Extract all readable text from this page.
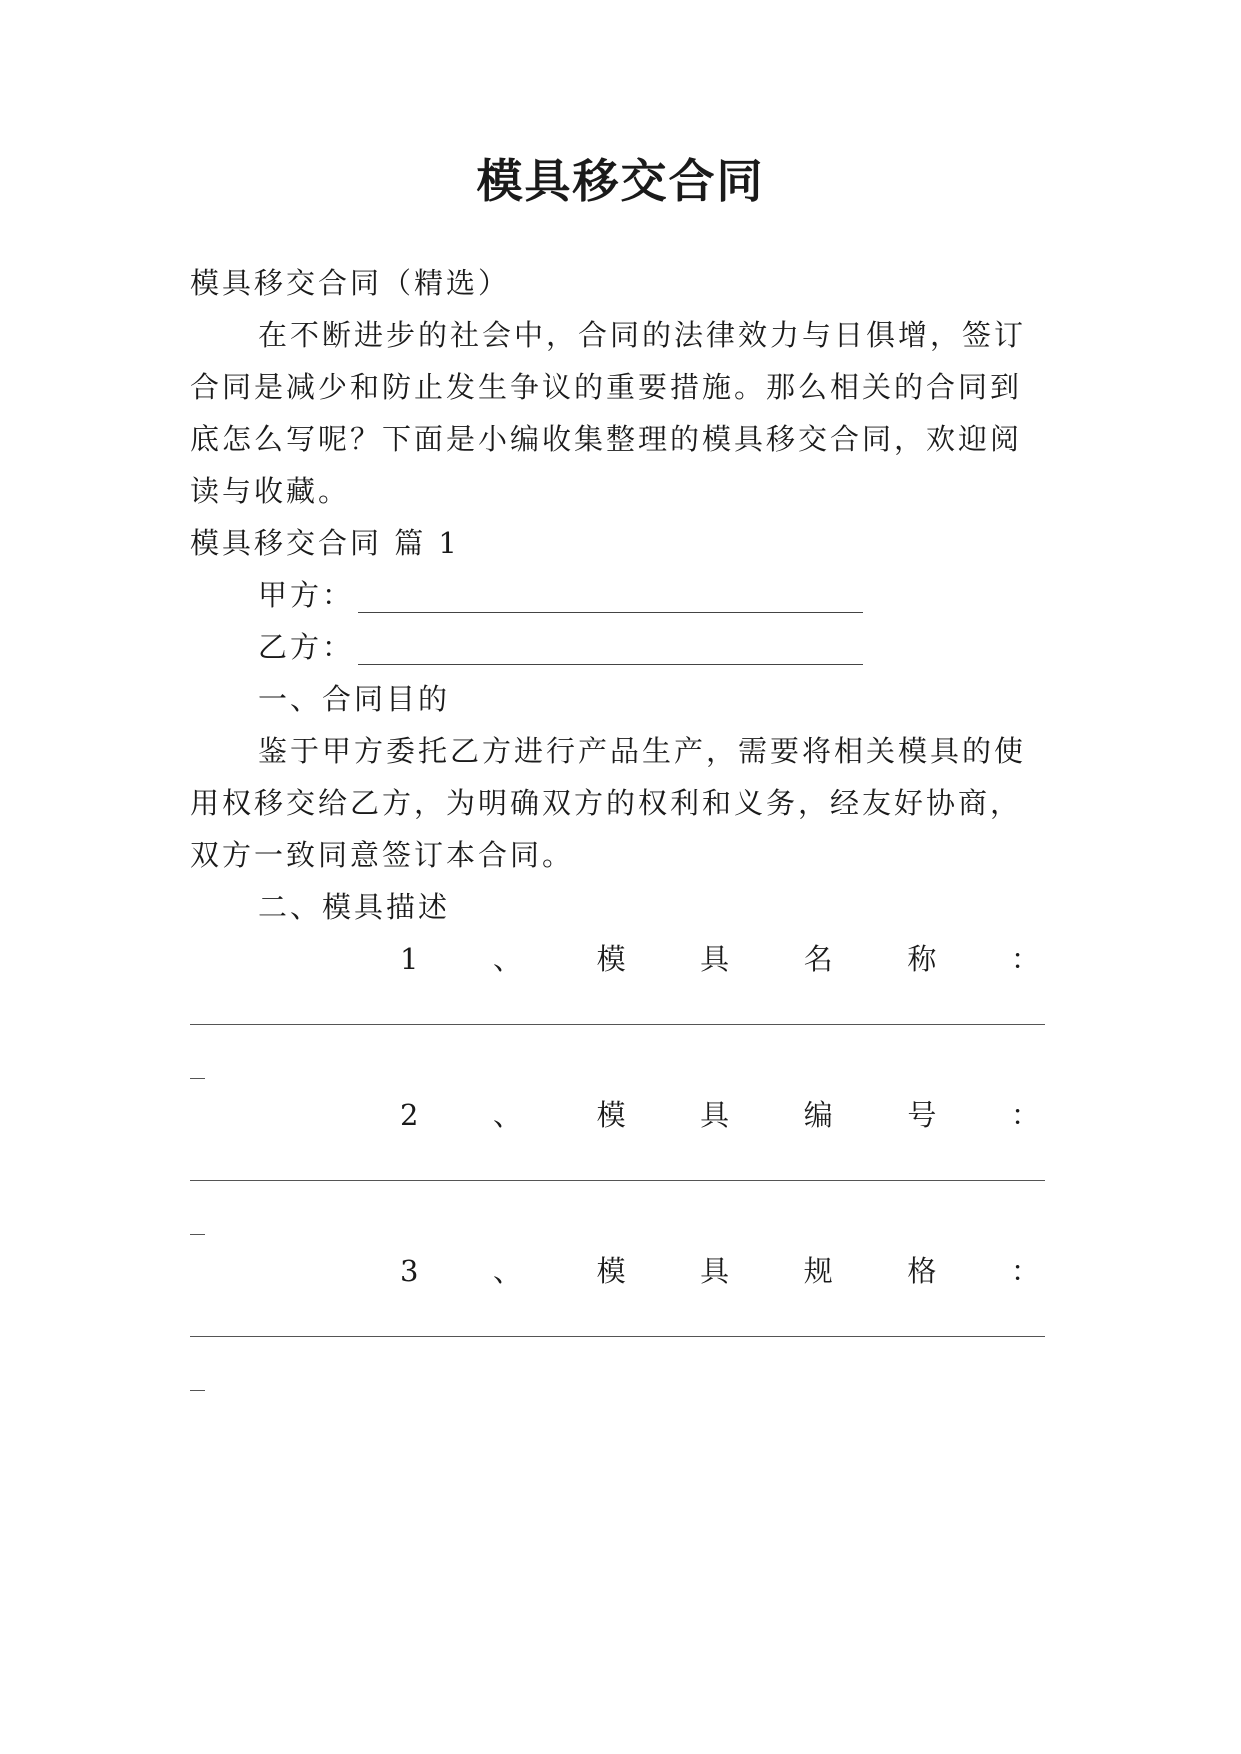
模具移交合同
模具移交合同（精选）
在不断进步的社会中，合同的法律效力与日俱增，签订
合同是减少和防止发生争议的重要措施。那么相关的合同到
底怎么写呢？下面是小编收集整理的模具移交合同，欢迎阅
读与收藏。
模具移交合同 篇 1
甲方：
乙方：
一、合同目的
鉴于甲方委托乙方进行产品生产，需要将相关模具的使
用权移交给乙方，为明确双方的权利和义务，经友好协商，
双方一致同意签订本合同。
二、模具描述
1	、	模	具	名	称	：
2	、	模	具	编	号	：
3	、	模	具	规	格	：
